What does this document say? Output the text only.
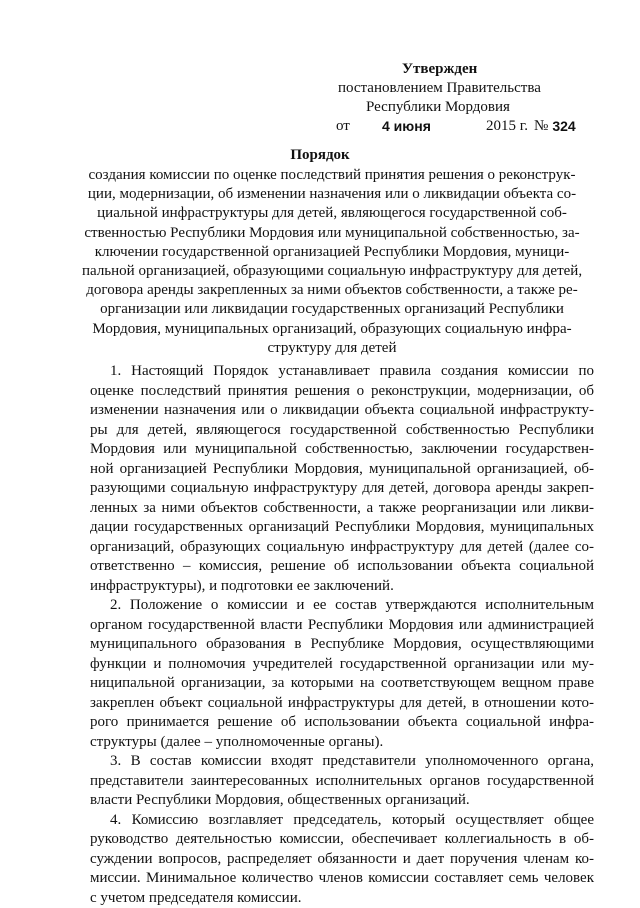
Утвержден
постановлением Правительства
Республики Мордовия
от	4 июня	2015 г. № 324
Порядок
создания комиссии по оценке последствий принятия решения о реконструк-
ции, модернизации, об изменении назначения или о ликвидации объекта со-
циальной инфраструктуры для детей, являющегося государственной соб-
ственностью Республики Мордовия или муниципальной собственностью, за-
ключении государственной организацией Республики Мордовия, муници-
пальной организацией, образующими социальную инфраструктуру для детей,
договора аренды закрепленных за ними объектов собственности, а также ре-
организации или ликвидации государственных организаций Республики
Мордовия, муниципальных организаций, образующих социальную инфра-
структуру для детей
1. Настоящий Порядок устанавливает правила создания комиссии по
оценке последствий принятия решения о реконструкции, модернизации, об
изменении назначения или о ликвидации объекта социальной инфраструкту-
ры для детей, являющегося государственной собственностью Республики
Мордовия или муниципальной собственностью, заключении государствен-
ной организацией Республики Мордовия, муниципальной организацией, об-
разующими социальную инфраструктуру для детей, договора аренды закреп-
ленных за ними объектов собственности, а также реорганизации или ликви-
дации государственных организаций Республики Мордовия, муниципальных
организаций, образующих социальную инфраструктуру для детей (далее со-
ответственно – комиссия, решение об использовании объекта социальной
инфраструктуры), и подготовки ее заключений.
2. Положение о комиссии и ее состав утверждаются исполнительным
органом государственной власти Республики Мордовия или администрацией
муниципального образования в Республике Мордовия, осуществляющими
функции и полномочия учредителей государственной организации или му-
ниципальной организации, за которыми на соответствующем вещном праве
закреплен объект социальной инфраструктуры для детей, в отношении кото-
рого принимается решение об использовании объекта социальной инфра-
структуры (далее – уполномоченные органы).
3. В состав комиссии входят представители уполномоченного органа,
представители заинтересованных исполнительных органов государственной
власти Республики Мордовия, общественных организаций.
4. Комиссию возглавляет председатель, который осуществляет общее
руководство деятельностью комиссии, обеспечивает коллегиальность в об-
суждении вопросов, распределяет обязанности и дает поручения членам ко-
миссии. Минимальное количество членов комиссии составляет семь человек
с учетом председателя комиссии.
